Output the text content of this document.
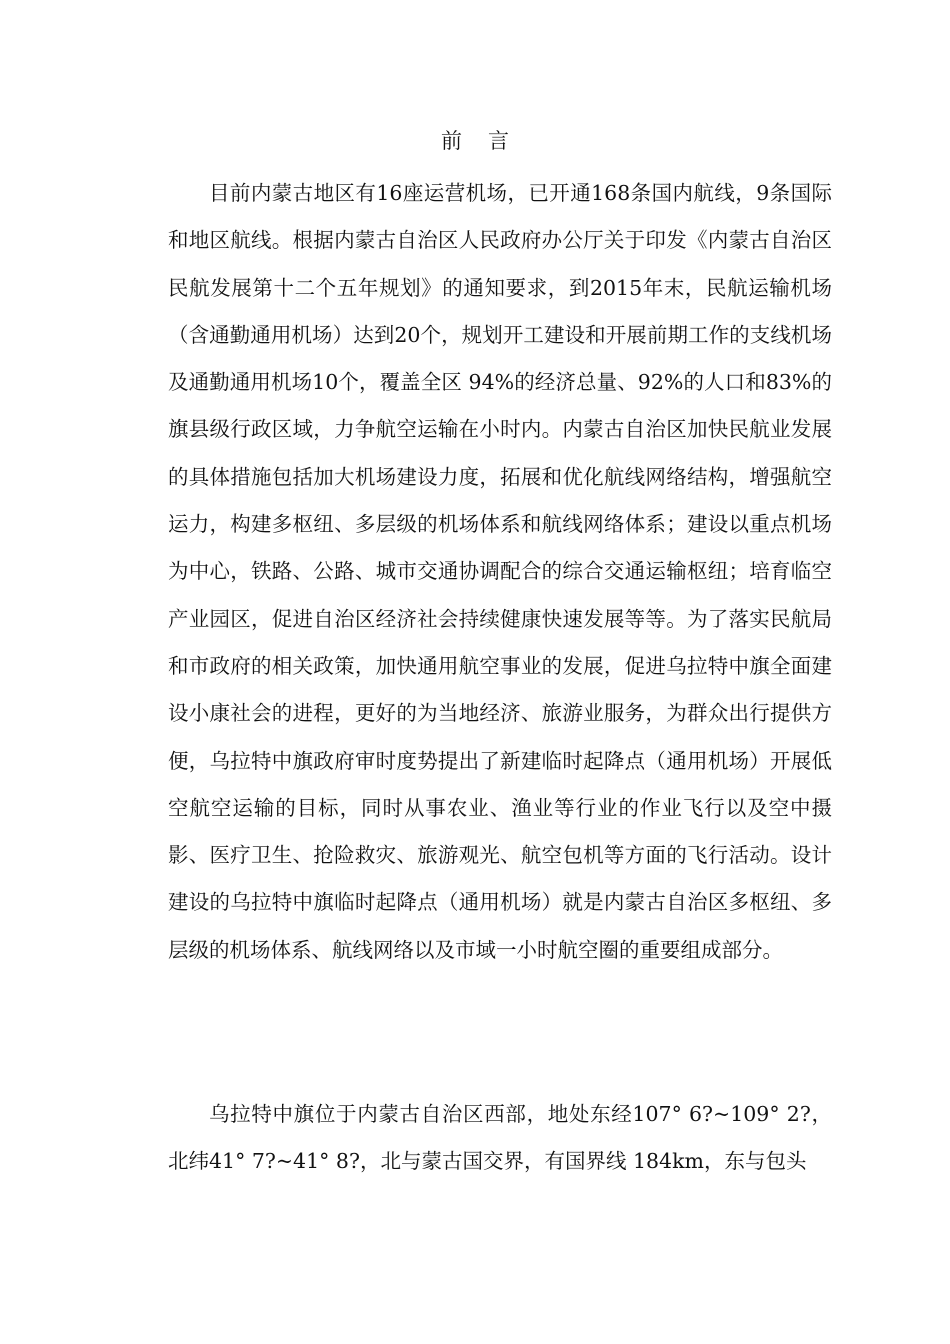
前言

目前内蒙古地区有16座运营机场，已开通168条国内航线，9条国际和地区航线。根据内蒙古自治区人民政府办公厅关于印发《内蒙古自治区民航发展第十二个五年规划》的通知要求，到2015年末，民航运输机场（含通勤通用机场）达到20个，规划开工建设和开展前期工作的支线机场及通勤通用机场10个，覆盖全区 94%的经济总量、92%的人口和83%的旗县级行政区域，力争航空运输在小时内。内蒙古自治区加快民航业发展的具体措施包括加大机场建设力度，拓展和优化航线网络结构，增强航空运力，构建多枢纽、多层级的机场体系和航线网络体系；建设以重点机场为中心，铁路、公路、城市交通协调配合的综合交通运输枢纽；培育临空产业园区，促进自治区经济社会持续健康快速发展等等。为了落实民航局和市政府的相关政策，加快通用航空事业的发展，促进乌拉特中旗全面建设小康社会的进程，更好的为当地经济、旅游业服务，为群众出行提供方便，乌拉特中旗政府审时度势提出了新建临时起降点（通用机场）开展低空航空运输的目标，同时从事农业、渔业等行业的作业飞行以及空中摄影、医疗卫生、抢险救灾、旅游观光、航空包机等方面的飞行活动。设计建设的乌拉特中旗临时起降点（通用机场）就是内蒙古自治区多枢纽、多层级的机场体系、航线网络以及市域一小时航空圈的重要组成部分。

乌拉特中旗位于内蒙古自治区西部，地处东经107° 6?~109° 2?，北纬41° 7?~41° 8?，北与蒙古国交界，有国界线 184km，东与包头
